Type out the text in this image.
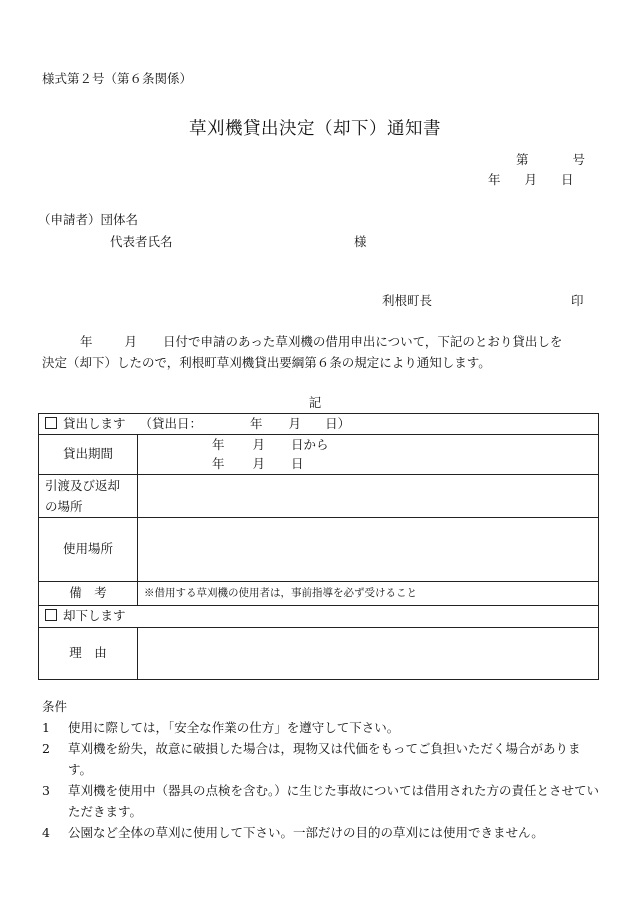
様式第２号（第６条関係）
草刈機貸出決定（却下）通知書
第	号
年 月 日
（申請者）団体名
代表者氏名	様
利根町長	印
年	月 日付で申請のあった草刈機の借用申出について，下記のとおり貸出しを
決定（却下）したので，利根町草刈機貸出要綱第６条の規定により通知します。
記
貸出します （貸出日： 年 月 日）	
貸出期間	年 月 日から
年 月 日

引渡及び返却
の場所	

使用場所	
備　考	※借用する草刈機の使用者は，事前指導を必ず受けること
却下します	
理　由	
条件
1	使用に際しては，「安全な作業の仕方」を遵守して下さい。
2	草刈機を紛失，故意に破損した場合は，現物又は代価をもってご負担いただく場合があります。
3	草刈機を使用中（器具の点検を含む。）に生じた事故については借用された方の責任とさせていただきます。
4	公園など全体の草刈に使用して下さい。一部だけの目的の草刈には使用できません。
